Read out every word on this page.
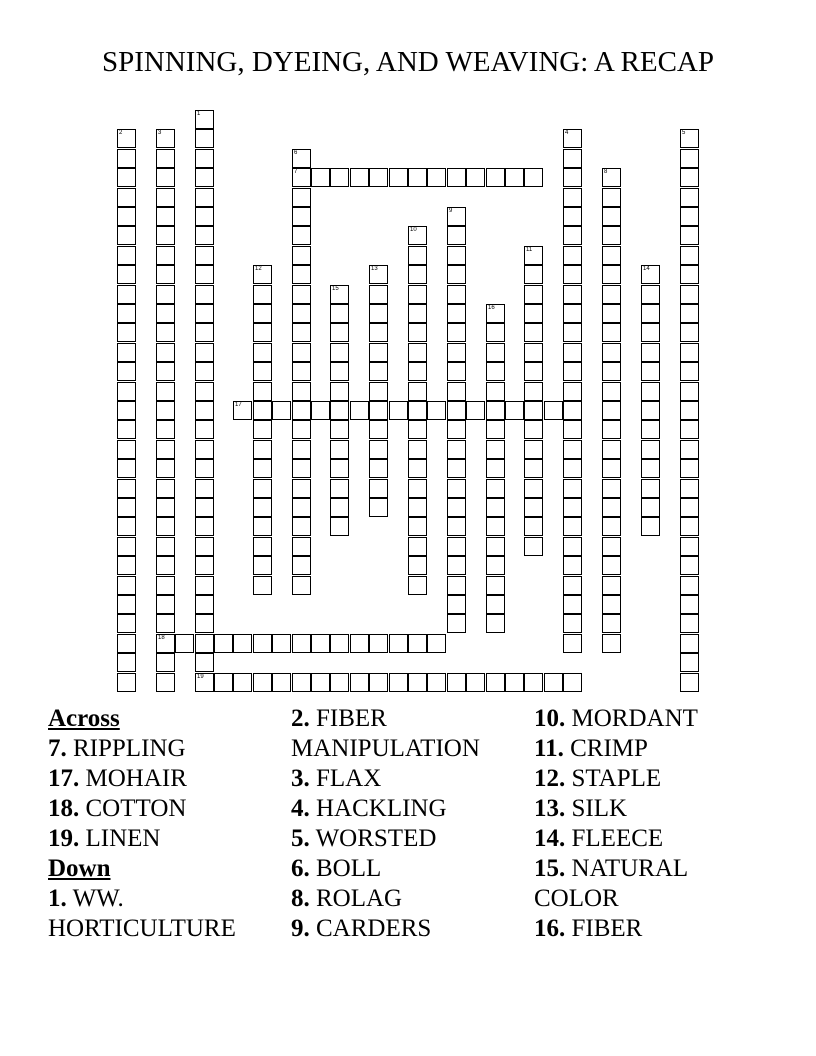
SPINNING, DYEING, AND WEAVING: A RECAP
1
19
2	3
18
4	5
6
7	8
9
10
11
12	13	14
15
16
17
Across
7. RIPPLING
17. MOHAIR
18. COTTON
19. LINEN
Down
1. WW. HORTICULTURE
2. FIBER MANIPULATION
3. FLAX
4. HACKLING
5. WORSTED
6. BOLL
8. ROLAG
9. CARDERS
10. MORDANT
11. CRIMP
12. STAPLE
13. SILK
14. FLEECE
15. NATURAL COLOR
16. FIBER
